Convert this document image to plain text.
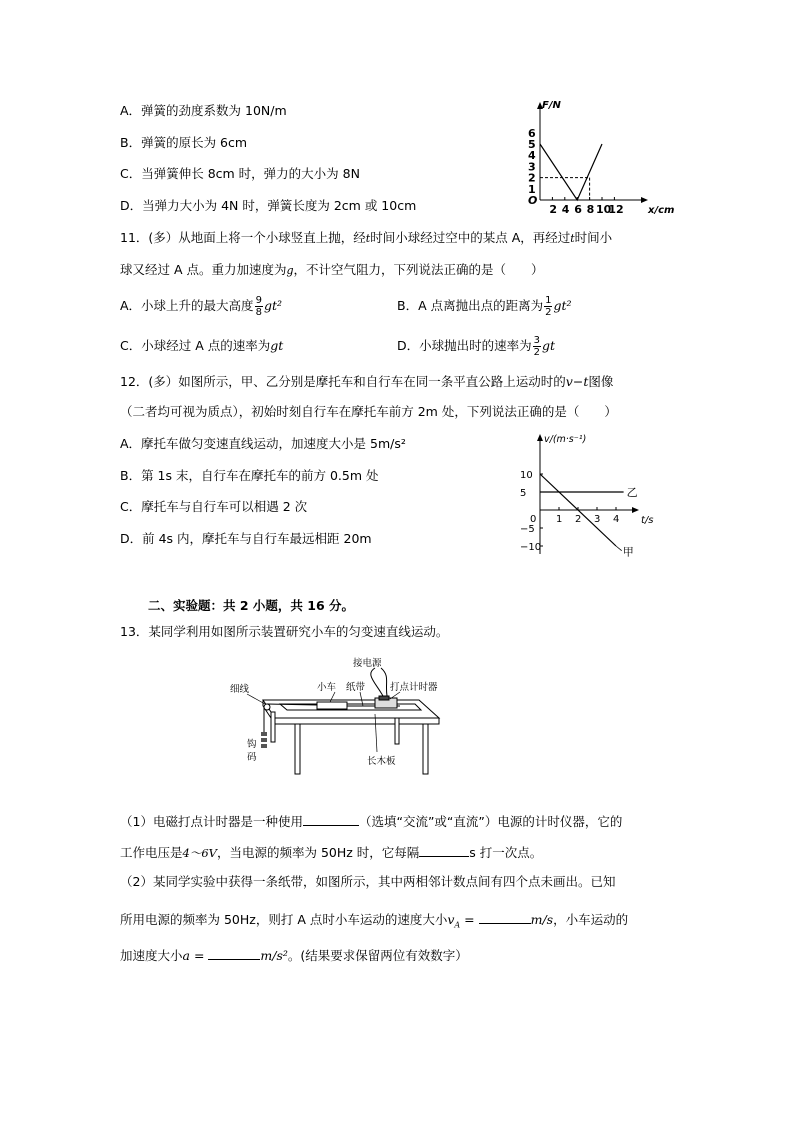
A．弹簧的劲度系数为 10N/m
B．弹簧的原长为 6cm
C．当弹簧伸长 8cm 时，弹力的大小为 8N
D．当弹力大小为 4N 时，弹簧长度为 2cm 或 10cm
F/N
x/cm
O
1
2
3
4
5
6
2 4 6 8 10
12
11．(多）从地面上将一个小球竖直上抛，经t时间小球经过空中的某点 A，再经过t时间小
球又经过 A 点。重力加速度为g，不计空气阻力，下列说法正确的是（　　）
A．小球上升的最大高度 $\frac{9}{8} gt^2$	B．A 点离抛出点的距离为 $\frac{1}{2} gt^2$
C．小球经过 A 点的速率为gt	D．小球抛出时的速率为 $\frac{3}{2}$ gt
12．(多）如图所示，甲、乙分别是摩托车和自行车在同一条平直公路上运动时的v−t图像
（二者均可视为质点），初始时刻自行车在摩托车前方 2m 处，下列说法正确的是（　　）
A．摩托车做匀变速直线运动，加速度大小是 5m/s²
B．第 1s 末，自行车在摩托车的前方 0.5m 处
C．摩托车与自行车可以相遇 2 次
D．前 4s 内，摩托车与自行车最远相距 20m
v/(m·s⁻¹)
t/s
0
10
5
−5
−10
1 2 3 4
甲
乙
二、实验题：共 2 小题，共 16 分。
13．某同学利用如图所示装置研究小车的匀变速直线运动。
接电源
小车 纸带	打点计时器
细线
钩
码	长木板
（1）电磁打点计时器是一种使用	（选填“交流”或“直流”）电源的计时仪器，它的
工作电压是4～6V，当电源的频率为 50Hz 时，它每隔	s 打一次点。
（2）某同学实验中获得一条纸带，如图所示，其中两相邻计数点间有四个点未画出。已知
所用电源的频率为 50Hz，则打 A 点时小车运动的速度大小$v_A$ =	m/s，小车运动的
加速度大小a =	m/s²。(结果要求保留两位有效数字）
